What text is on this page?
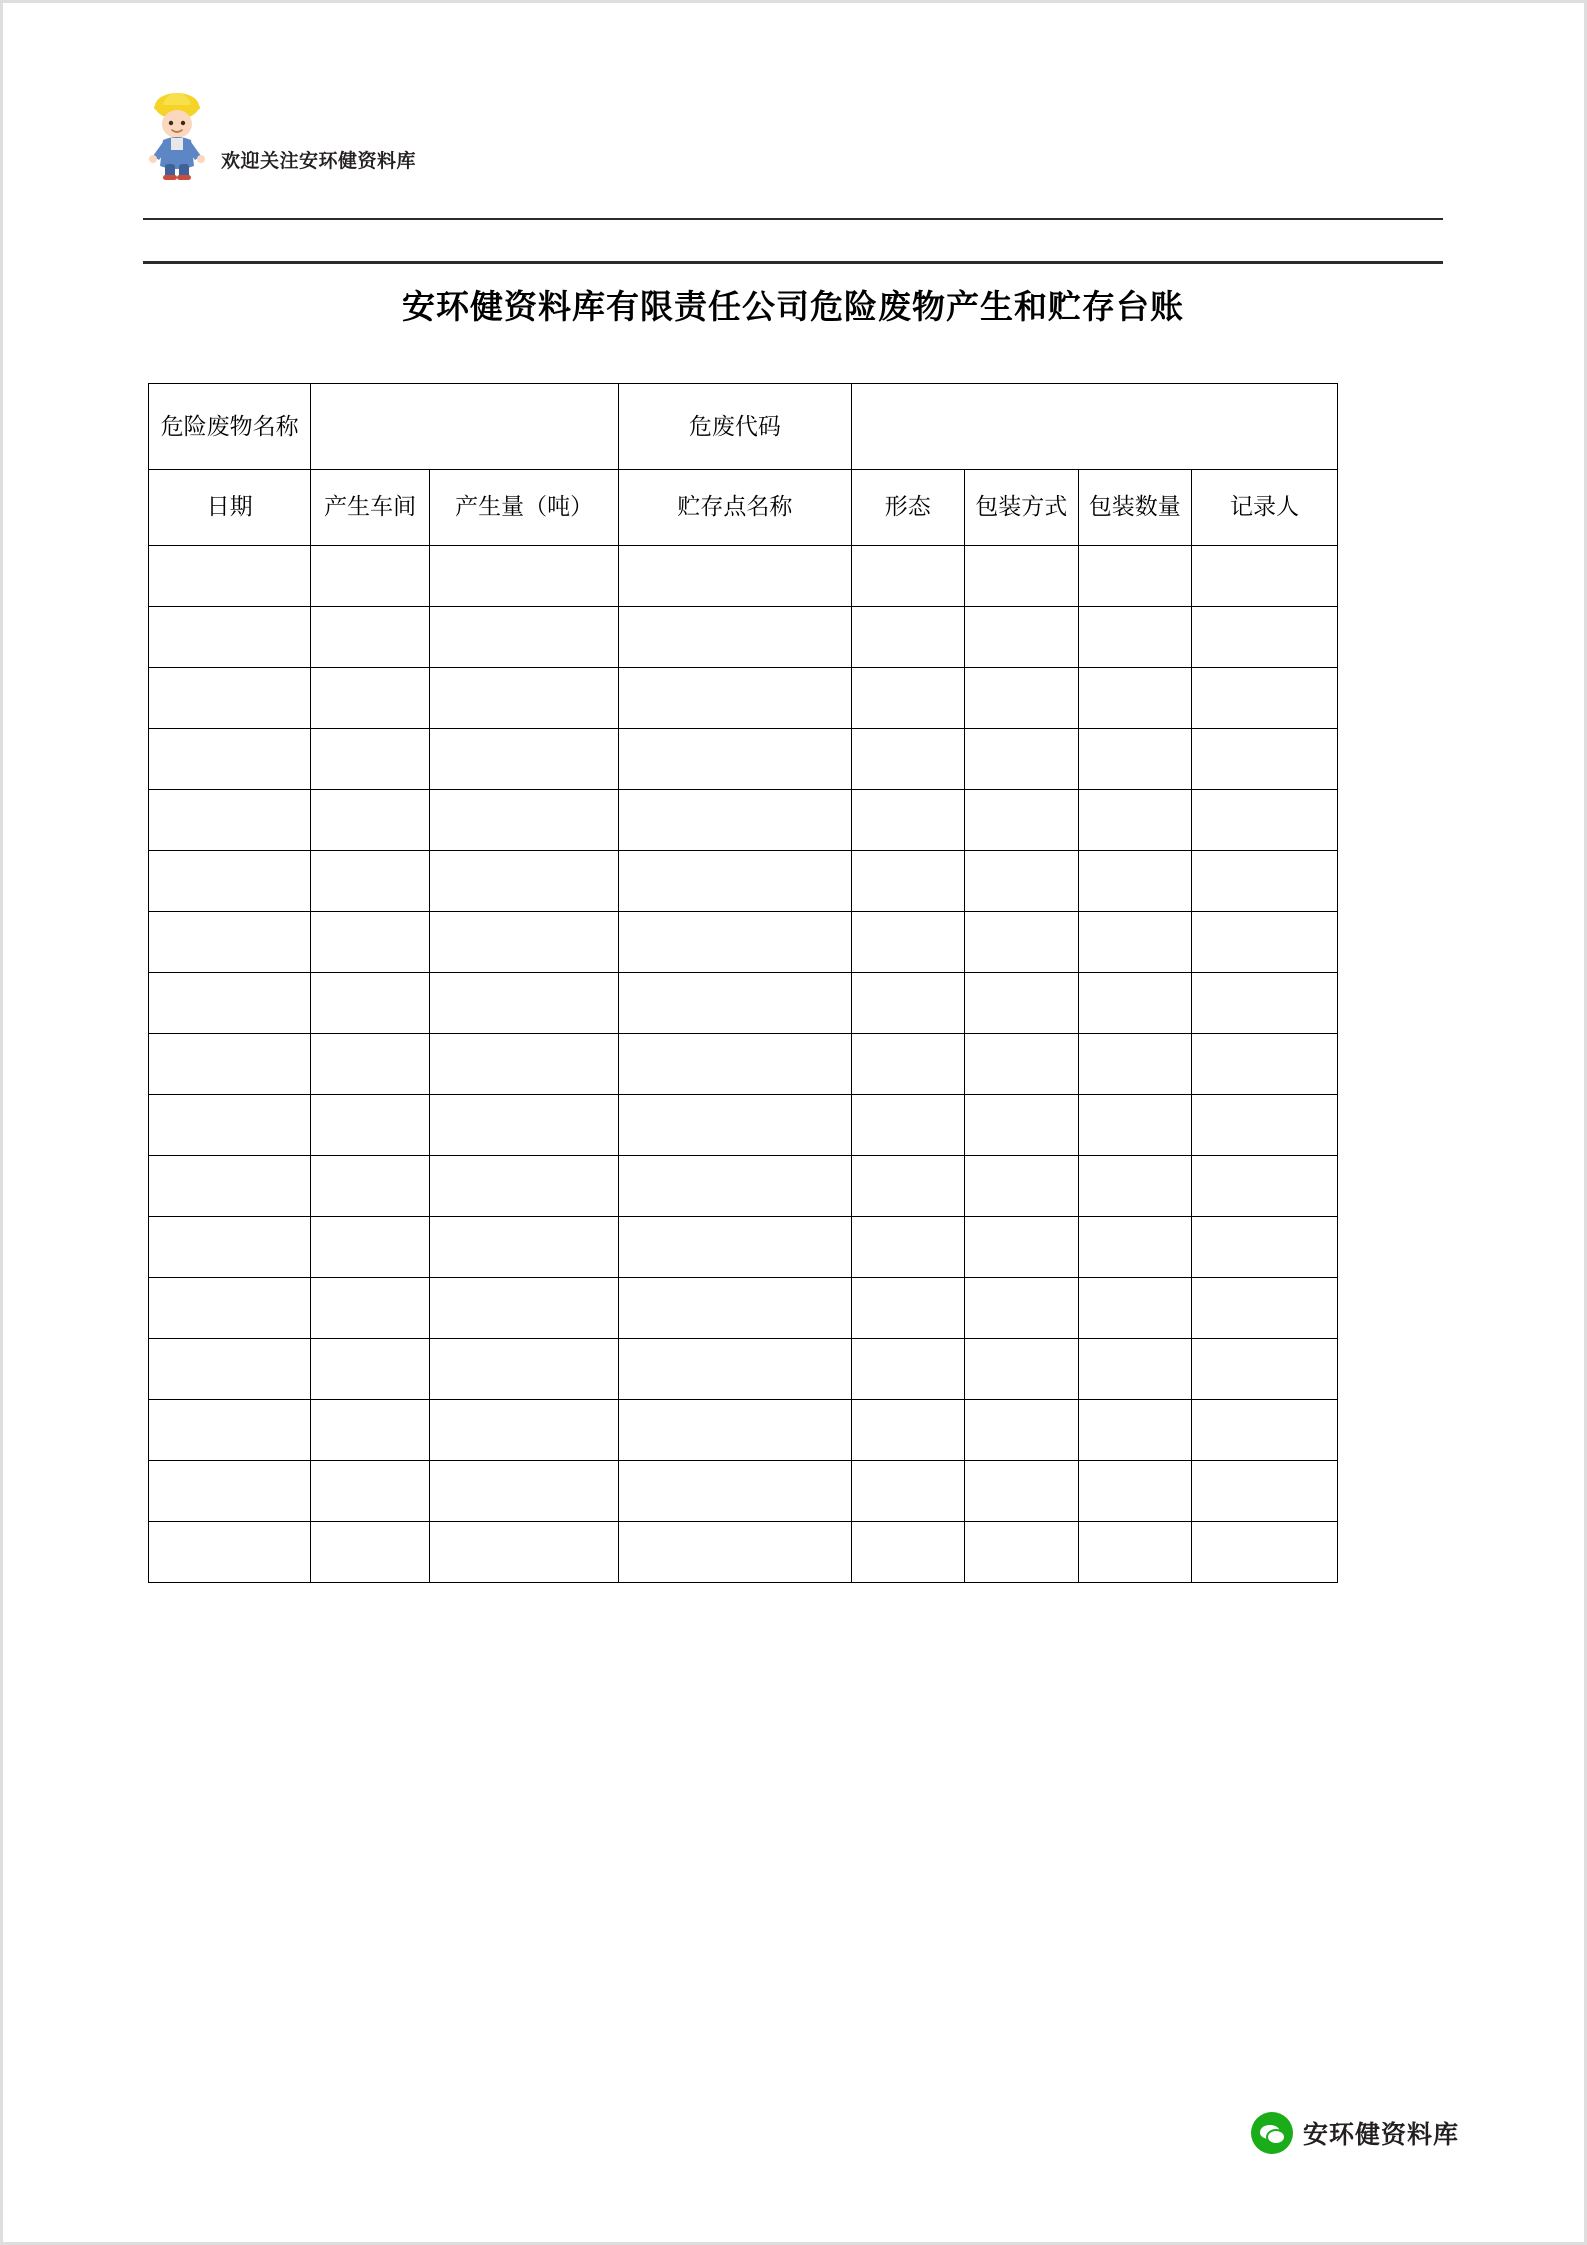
欢迎关注安环健资料库
安环健资料库有限责任公司危险废物产生和贮存台账
危险废物名称			危废代码				

日期	产生车间	产生量（吨）	贮存点名称	形态	包装方式	包装数量	记录人

安环健资料库
